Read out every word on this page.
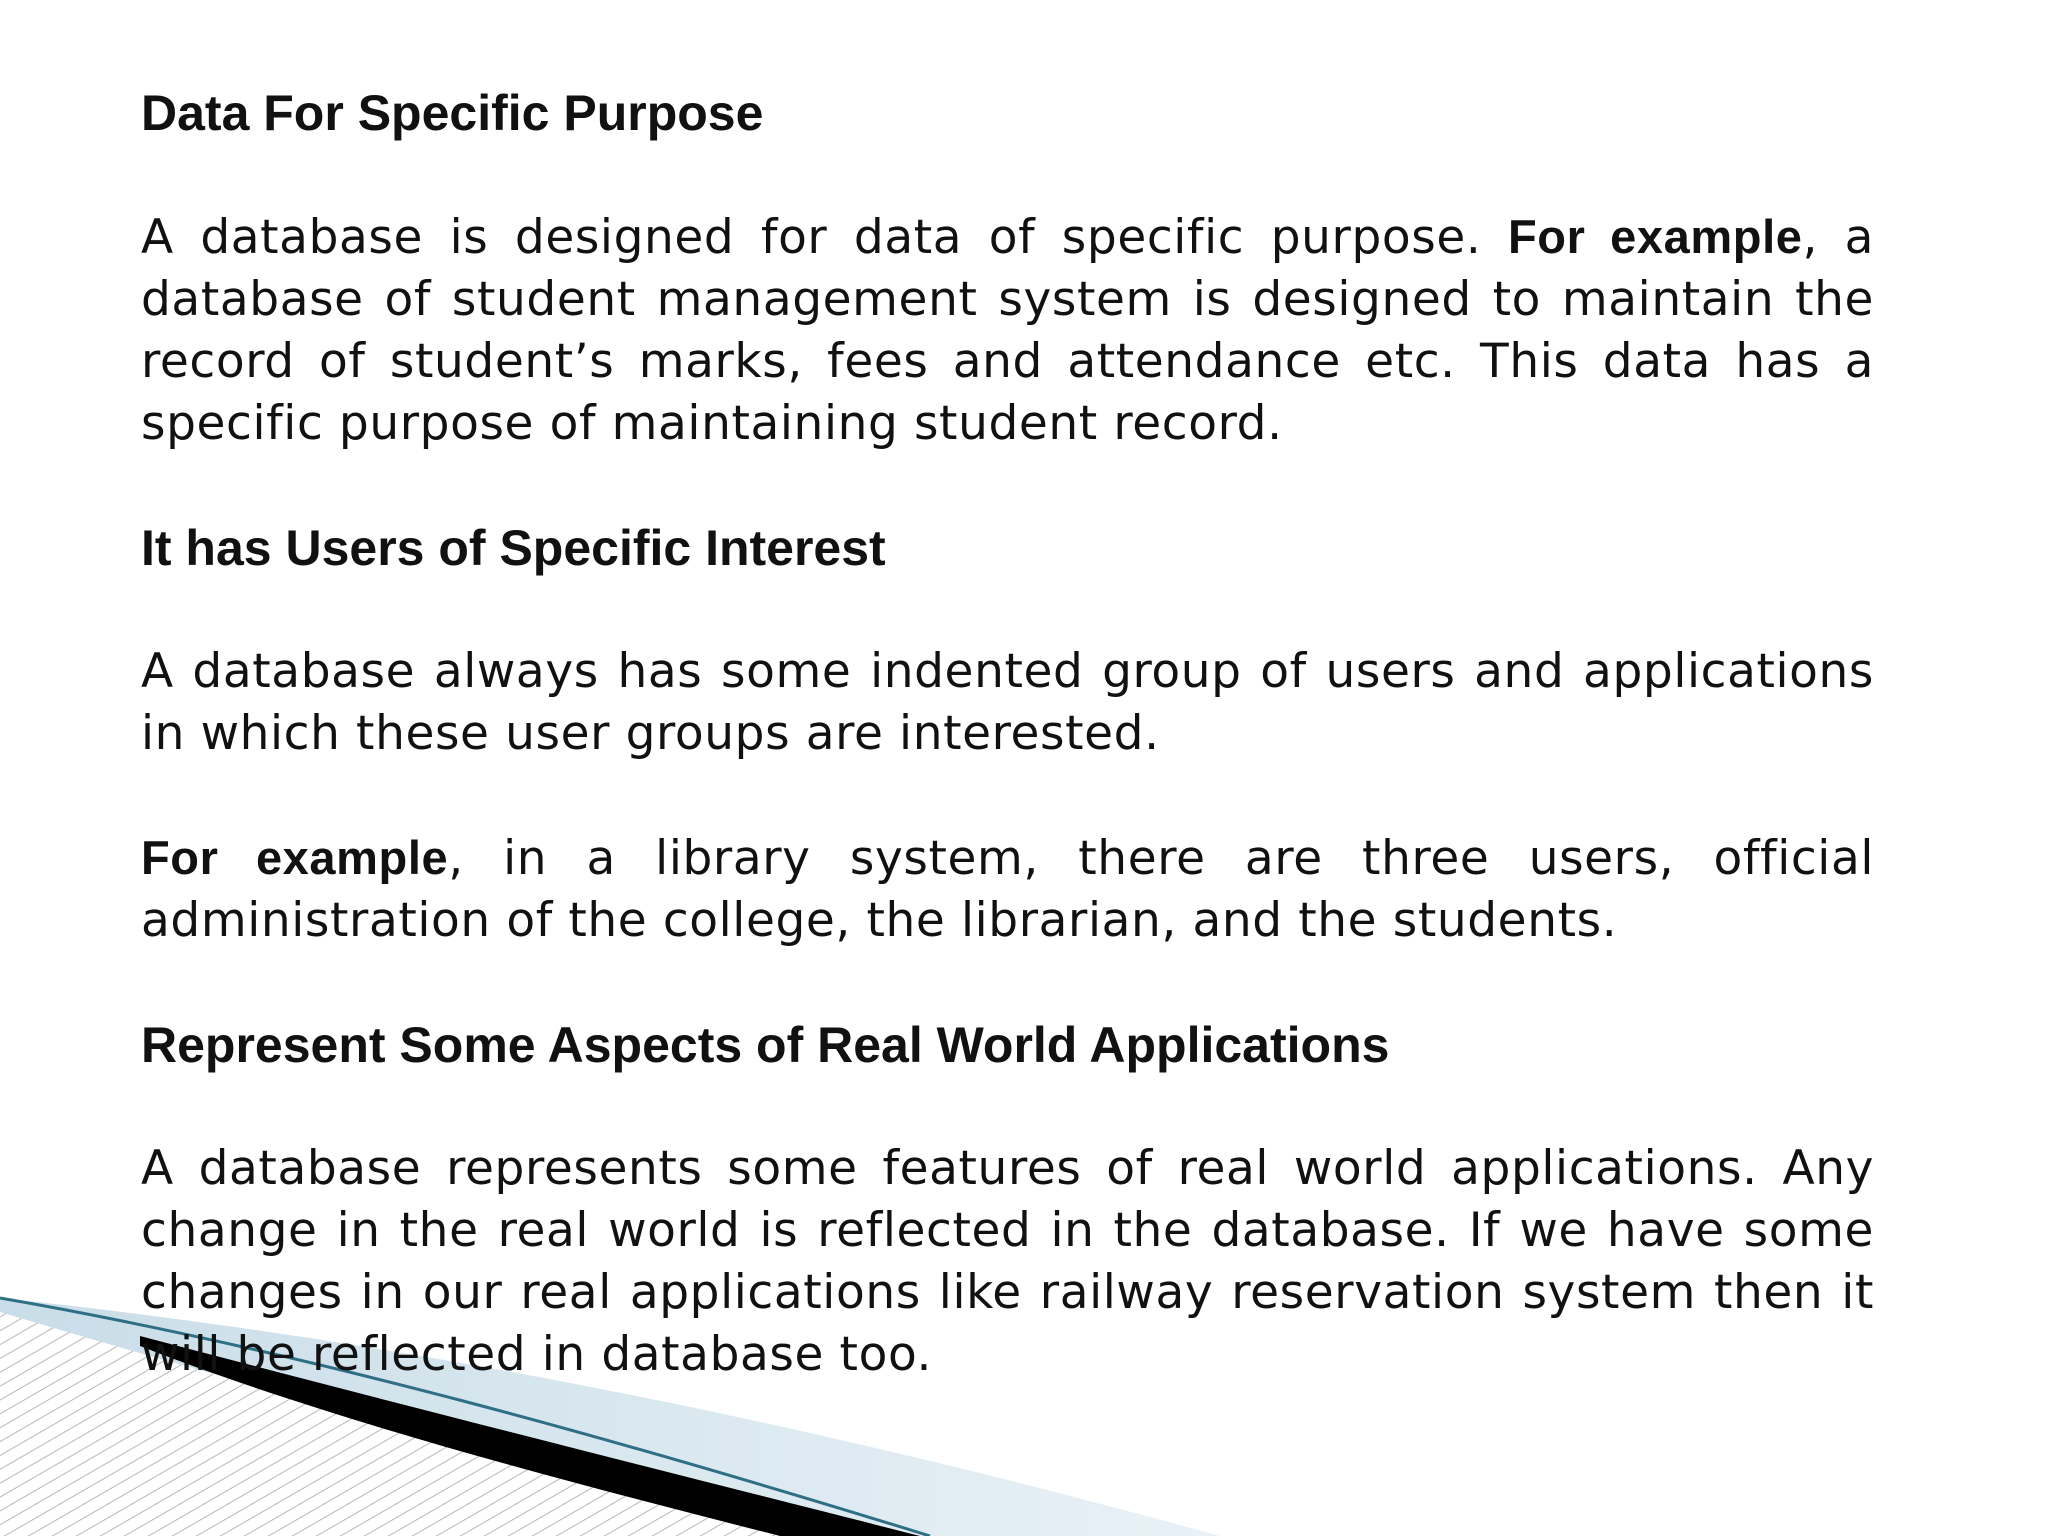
Data For Specific Purpose

A database is designed for data of specific purpose. For example, a database of student management system is designed to maintain the record of student’s marks, fees and attendance etc. This data has a specific purpose of maintaining student record.

It has Users of Specific Interest

A database always has some indented group of users and applications in which these user groups are interested.

For example, in a library system, there are three users, official administration of the college, the librarian, and the students.

Represent Some Aspects of Real World Applications

A database represents some features of real world applications. Any change in the real world is reflected in the database. If we have some changes in our real applications like railway reservation system then it will be reflected in database too.
